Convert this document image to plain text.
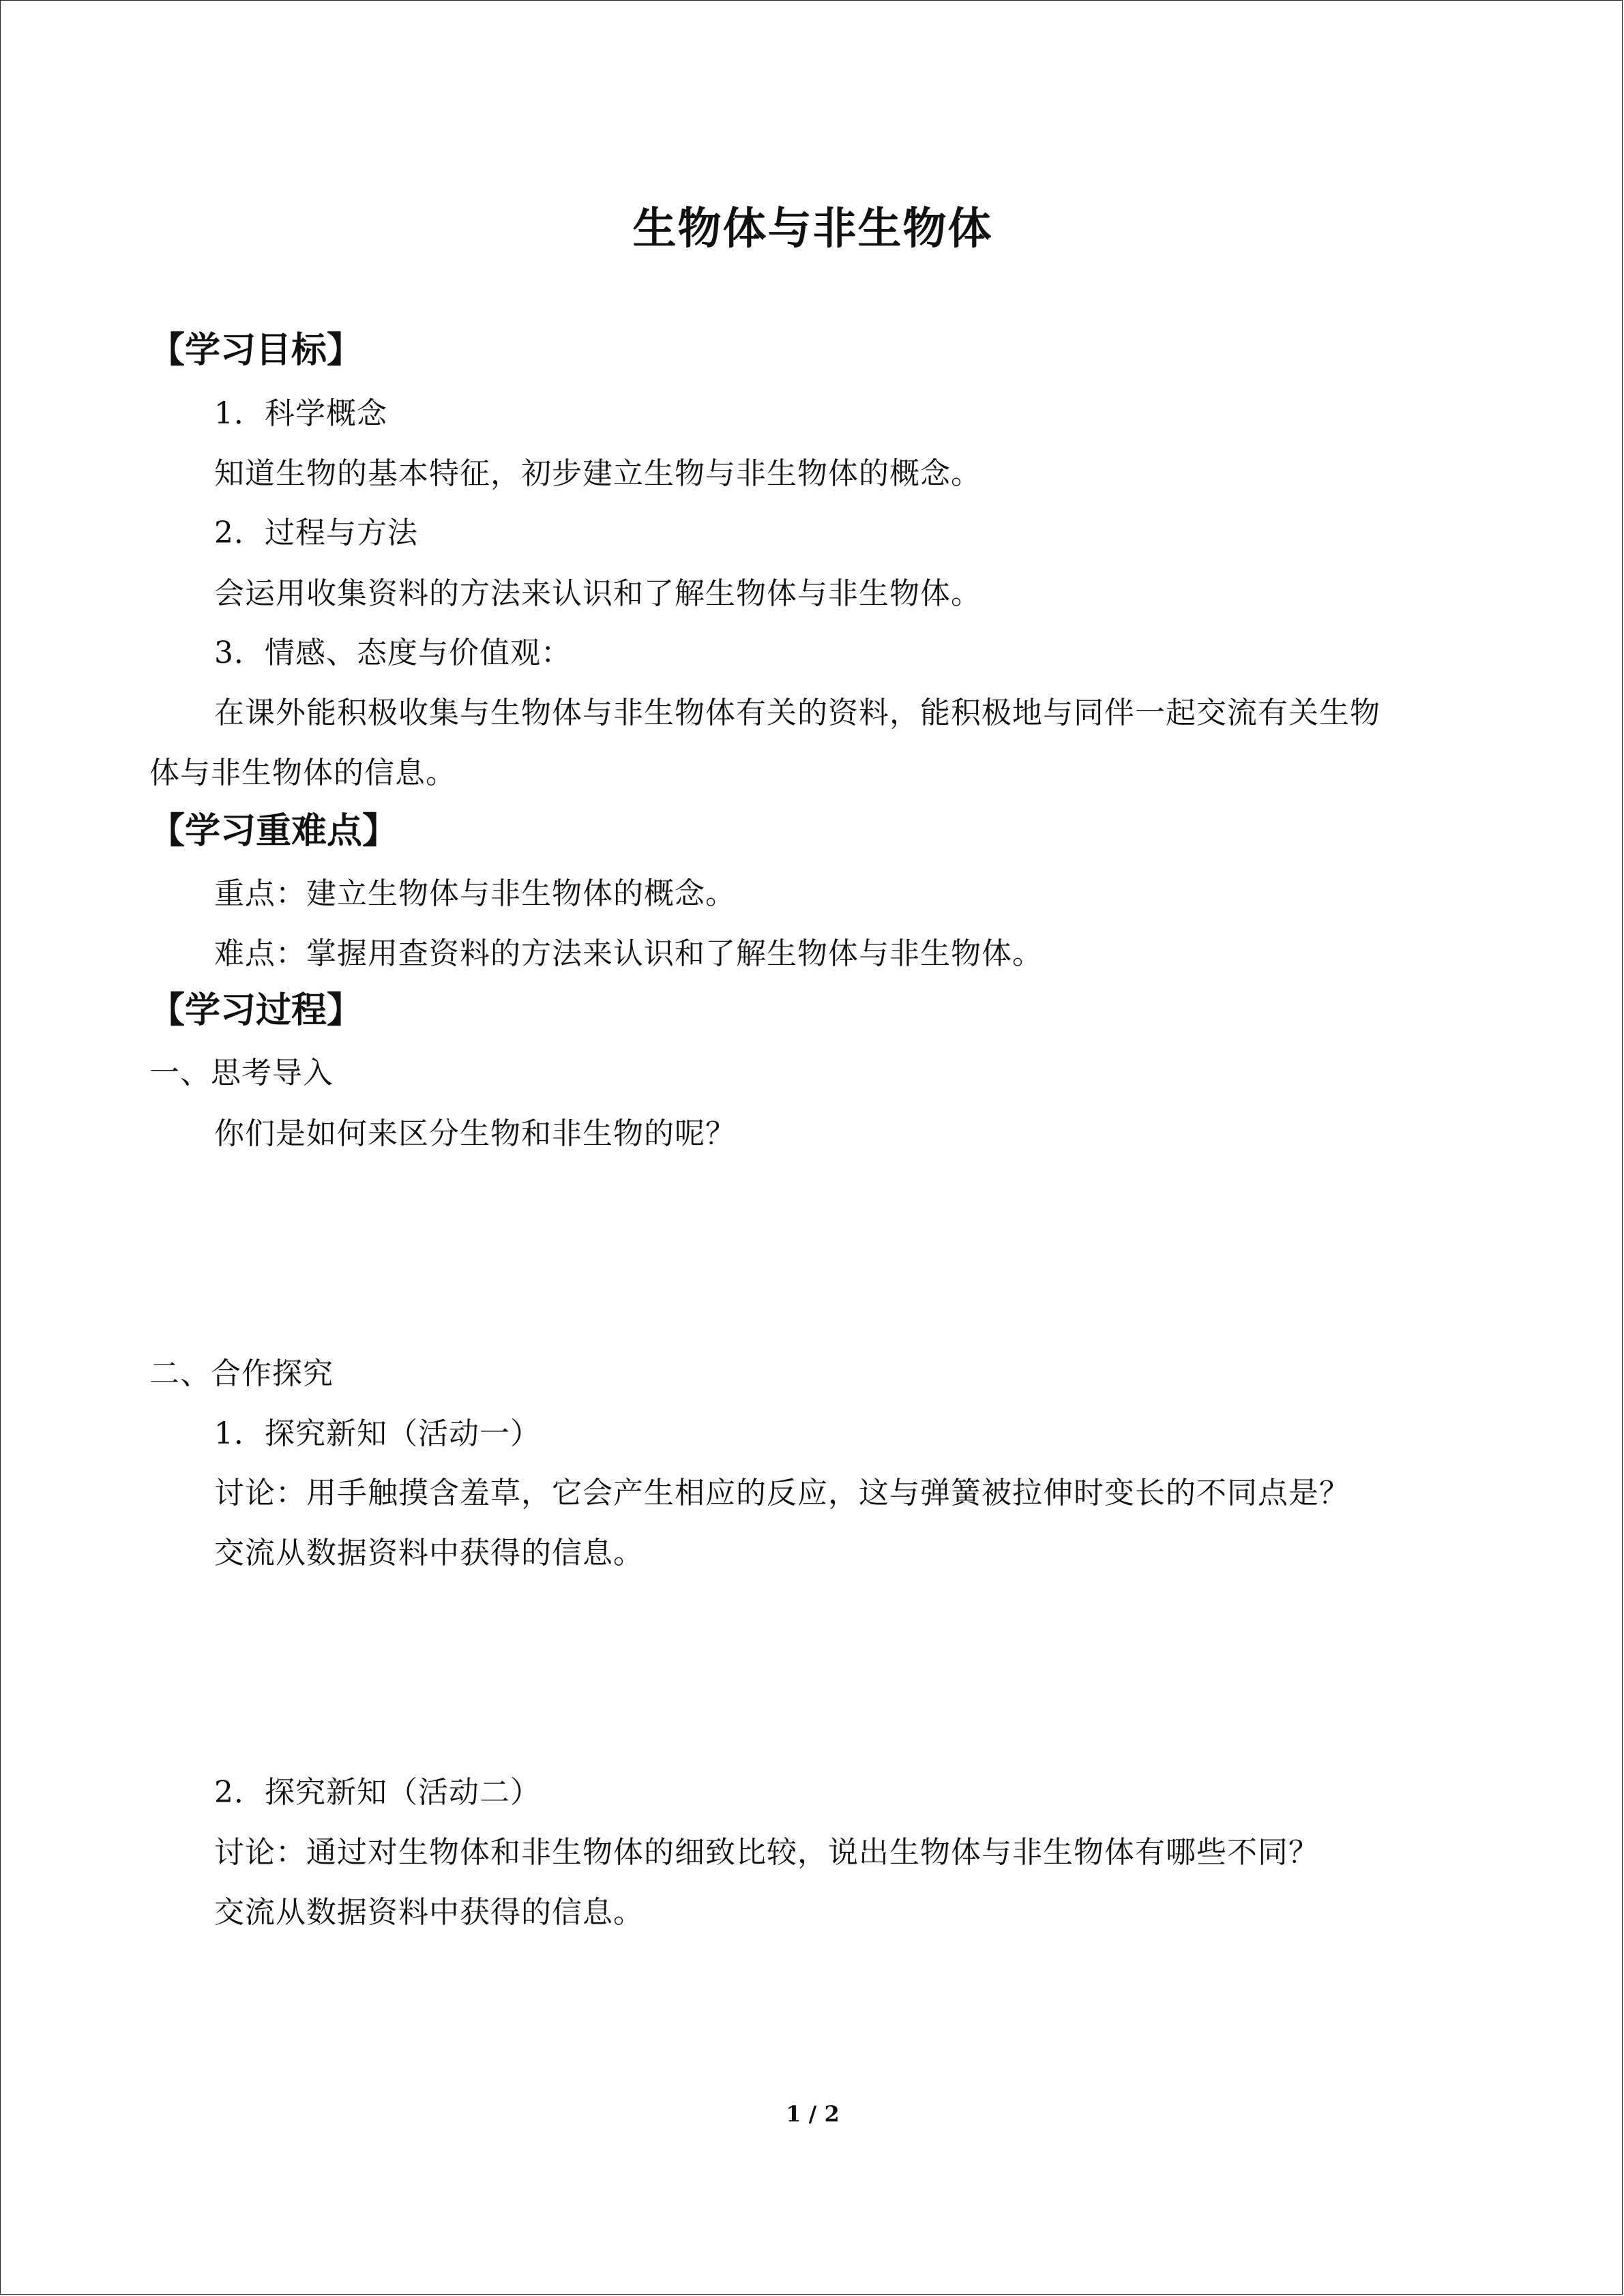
生物体与非生物体
【学习目标】
1．科学概念
知道生物的基本特征，初步建立生物与非生物体的概念。
2．过程与方法
会运用收集资料的方法来认识和了解生物体与非生物体。
3．情感、态度与价值观：
在课外能积极收集与生物体与非生物体有关的资料，能积极地与同伴一起交流有关生物
体与非生物体的信息。
【学习重难点】
重点：建立生物体与非生物体的概念。
难点：掌握用查资料的方法来认识和了解生物体与非生物体。
【学习过程】
一、思考导入
你们是如何来区分生物和非生物的呢？
二、合作探究
1．探究新知（活动一）
讨论：用手触摸含羞草，它会产生相应的反应，这与弹簧被拉伸时变长的不同点是？
交流从数据资料中获得的信息。
2．探究新知（活动二）
讨论：通过对生物体和非生物体的细致比较，说出生物体与非生物体有哪些不同？
交流从数据资料中获得的信息。
1 / 2
